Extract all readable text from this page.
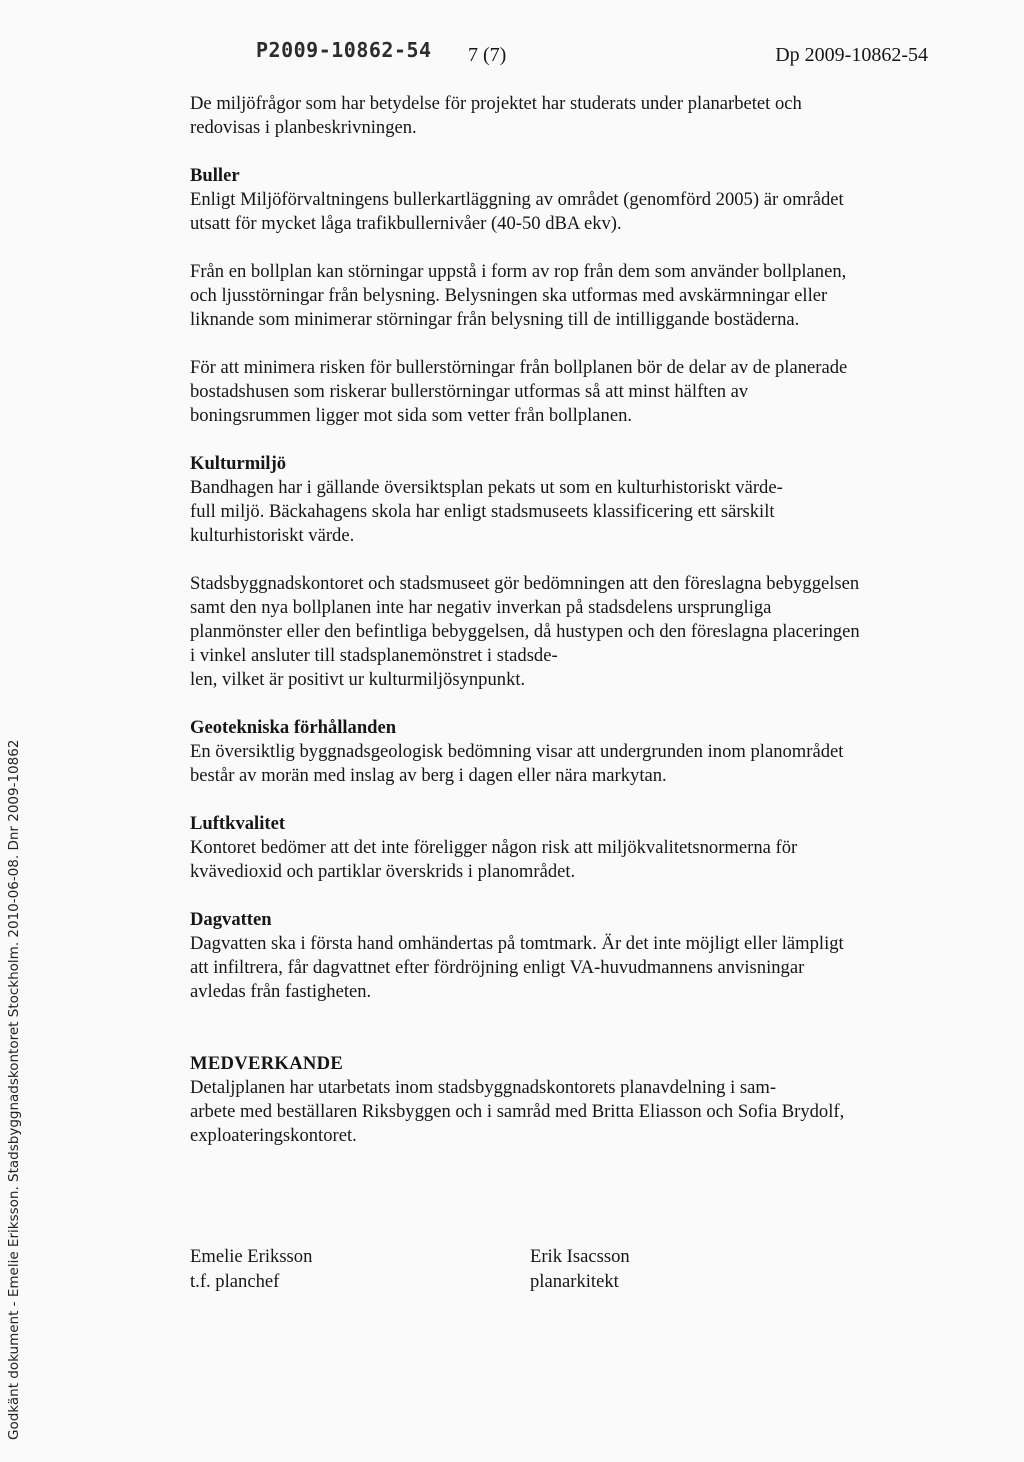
P2009-10862-54 7 (7)	Dp 2009-10862-54

De miljöfrågor som har betydelse för projektet har studerats under planarbetet och redovisas i planbeskrivningen.

Buller

Enligt Miljöförvaltningens bullerkartläggning av området (genomförd 2005) är området utsatt för mycket låga trafikbullernivåer (40-50 dBA ekv).

Från en bollplan kan störningar uppstå i form av rop från dem som använder bollplanen, och ljusstörningar från belysning. Belysningen ska utformas med avskärmningar eller liknande som minimerar störningar från belysning till de intilliggande bostäderna.

För att minimera risken för bullerstörningar från bollplanen bör de delar av de planerade bostadshusen som riskerar bullerstörningar utformas så att minst hälften av boningsrummen ligger mot sida som vetter från bollplanen.

Kulturmiljö

Bandhagen har i gällande översiktsplan pekats ut som en kulturhistoriskt värde-
full miljö. Bäckahagens skola har enligt stadsmuseets klassificering ett särskilt kulturhistoriskt värde.

Stadsbyggnadskontoret och stadsmuseet gör bedömningen att den föreslagna bebyggelsen samt den nya bollplanen inte har negativ inverkan på stadsdelens ursprungliga planmönster eller den befintliga bebyggelsen, då hustypen och den föreslagna placeringen i vinkel ansluter till stadsplanemönstret i stadsde-
len, vilket är positivt ur kulturmiljösynpunkt.

Geotekniska förhållanden

En översiktlig byggnadsgeologisk bedömning visar att undergrunden inom planområdet består av morän med inslag av berg i dagen eller nära markytan.

Luftkvalitet

Kontoret bedömer att det inte föreligger någon risk att miljökvalitetsnormerna för kvävedioxid och partiklar överskrids i planområdet.

Dagvatten

Dagvatten ska i första hand omhändertas på tomtmark. Är det inte möjligt eller lämpligt att infiltrera, får dagvattnet efter fördröjning enligt VA-huvudmannens anvisningar avledas från fastigheten.

MEDVERKANDE

Detaljplanen har utarbetats inom stadsbyggnadskontorets planavdelning i sam-
arbete med beställaren Riksbyggen och i samråd med Britta Eliasson och Sofia Brydolf, exploateringskontoret.

Emelie Eriksson
t.f. planchef
Erik Isacsson
planarkitekt
Godkänt dokument - Emelie Eriksson. Stadsbyggnadskontoret Stockholm. 2010-06-08. Dnr 2009-10862
